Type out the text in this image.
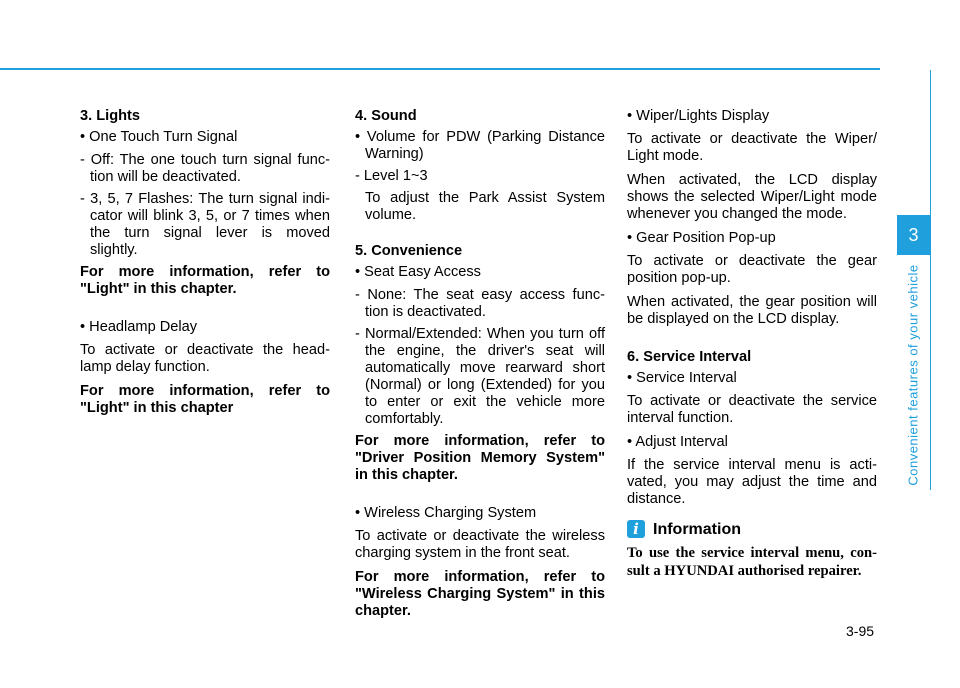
3. Lights

• One Touch Turn Signal

- Off: The one touch turn signal func-tion will be deactivated.

- 3, 5, 7 Flashes: The turn signal indi-cator will blink 3, 5, or 7 times when the turn signal lever is moved slightly.

For more information, refer to "Light" in this chapter.

• Headlamp Delay

To activate or deactivate the head-lamp delay function.

For more information, refer to "Light" in this chapter

4. Sound

• Volume for PDW (Parking Distance Warning)

- Level 1~3

To adjust the Park Assist System volume.

5. Convenience

• Seat Easy Access

- None: The seat easy access func-tion is deactivated.

- Normal/Extended: When you turn off the engine, the driver's seat will automatically move rearward short (Normal) or long (Extended) for you to enter or exit the vehicle more comfortably.

For more information, refer to "Driver Position Memory System" in this chapter.

• Wireless Charging System

To activate or deactivate the wireless charging system in the front seat.

For more information, refer to "Wireless Charging System" in this chapter.

• Wiper/Lights Display

To activate or deactivate the Wiper/ Light mode.

When activated, the LCD display shows the selected Wiper/Light mode whenever you changed the mode.

• Gear Position Pop-up

To activate or deactivate the gear position pop-up.

When activated, the gear position will be displayed on the LCD display.

6. Service Interval

• Service Interval

To activate or deactivate the service interval function.

• Adjust Interval

If the service interval menu is acti-vated, you may adjust the time and distance.

i Information

To use the service interval menu, con-sult a HYUNDAI authorised repairer.

3
Convenient features of your vehicle
3-95
